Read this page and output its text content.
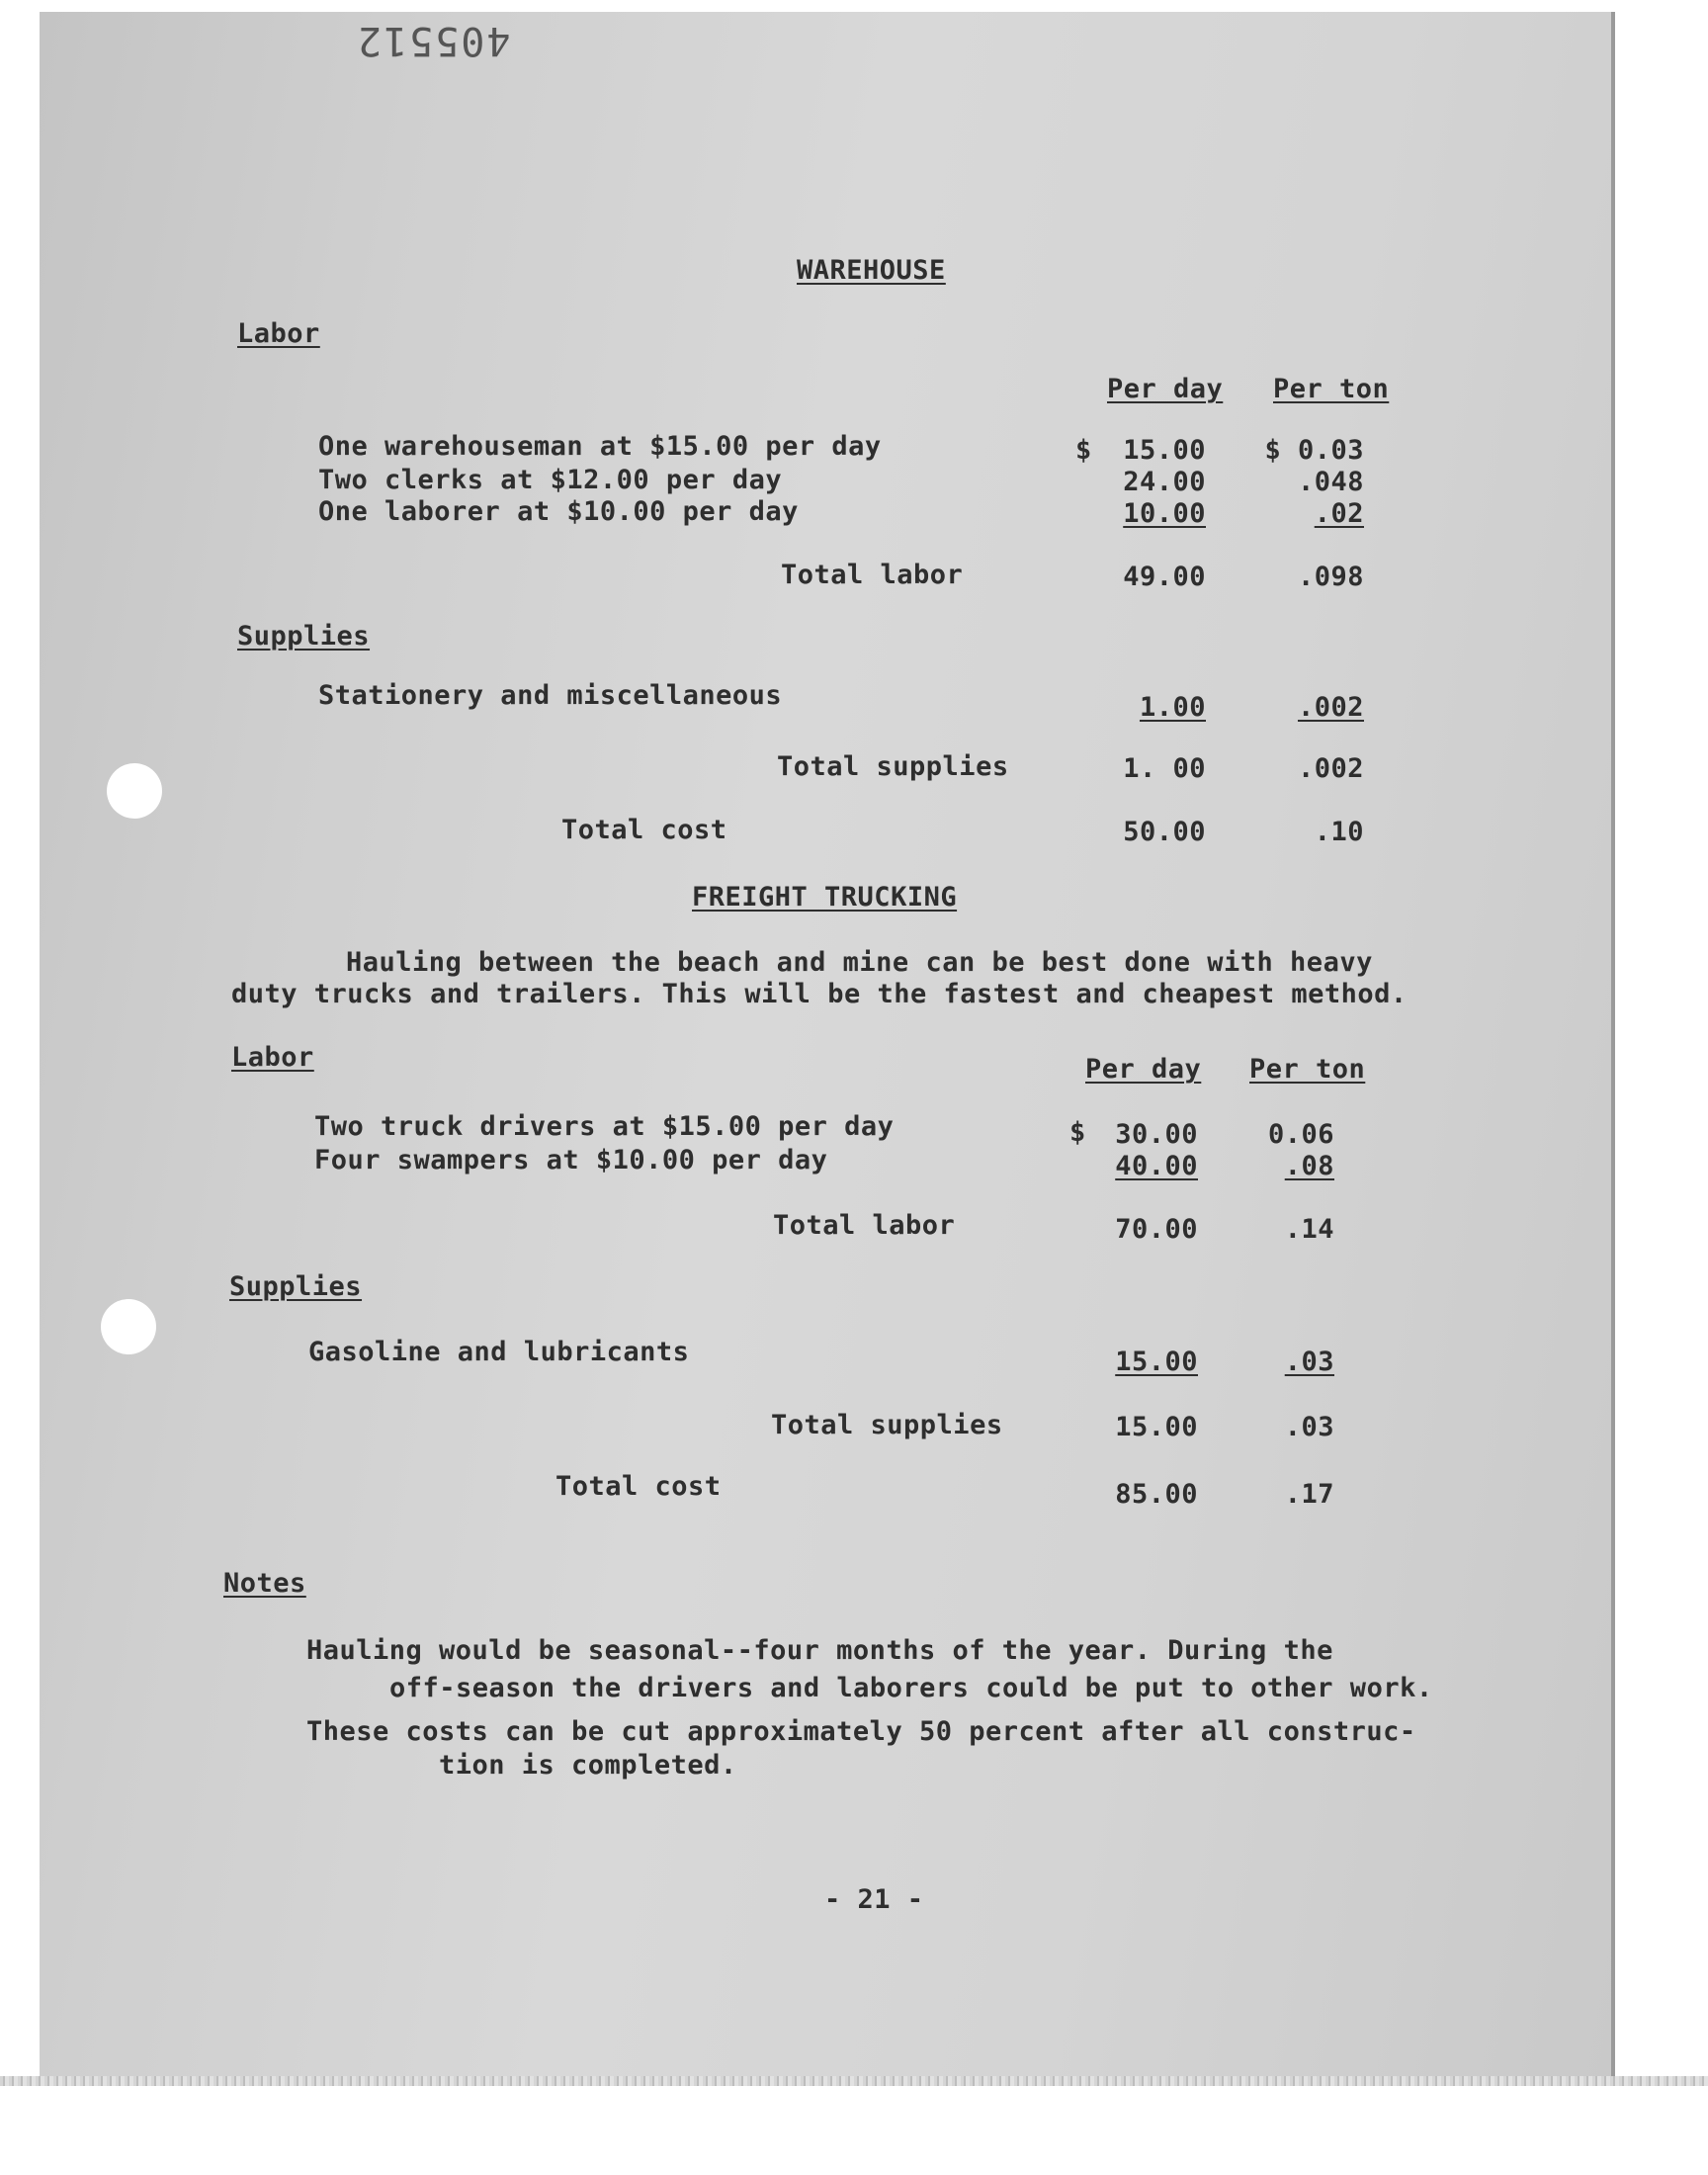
405512

WAREHOUSE

Labor

Per day Per ton

One warehouseman at $15.00 per day	$	15.00	$ 0.03

Two clerks at $12.00 per day	24.00	.048

One laborer at $10.00 per day	10.00	.02

Total labor	49.00	.098

Supplies

Stationery and miscellaneous	1.00	.002

Total supplies	1. 00	.002

Total cost	50.00	.10

FREIGHT TRUCKING

Hauling between the beach and mine can be best done with heavy

duty trucks and trailers. This will be the fastest and cheapest method.

Labor	Per day Per ton

Two truck drivers at $15.00 per day	$	30.00	0.06

Four swampers at $10.00 per day	40.00	.08

Total labor	70.00	.14

Supplies

Gasoline and lubricants	15.00	.03

Total supplies	15.00	.03

Total cost	85.00	.17

Notes

Hauling would be seasonal--four months of the year. During the

off-season the drivers and laborers could be put to other work.

These costs can be cut approximately 50 percent after all construc-

tion is completed.

- 21 -
